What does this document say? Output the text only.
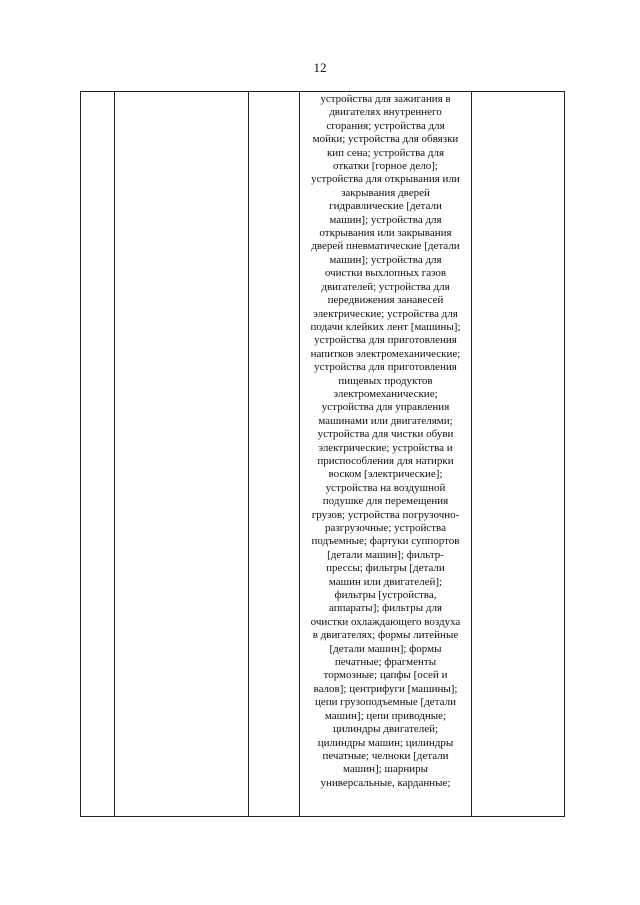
12

устройства для зажигания в
двигателях внутреннего
сгорания; устройства для
мойки; устройства для обвязки
кип сена; устройства для
откатки [горное дело];
устройства для открывания или
закрывания дверей
гидравлические [детали
машин]; устройства для
открывания или закрывания
дверей пневматические [детали
машин]; устройства для
очистки выхлопных газов
двигателей; устройства для
передвижения занавесей
электрические; устройства для
подачи клейких лент [машины];
устройства для приготовления
напитков электромеханические;
устройства для приготовления
пищевых продуктов
электромеханические;
устройства для управления
машинами или двигателями;
устройства для чистки обуви
электрические; устройства и
приспособления для натирки
воском [электрические];
устройства на воздушной
подушке для перемещения
грузов; устройства погрузочно-
разгрузочные; устройства
подъемные; фартуки суппортов
[детали машин]; фильтр-
прессы; фильтры [детали
машин или двигателей];
фильтры [устройства,
аппараты]; фильтры для
очистки охлаждающего воздуха
в двигателях; формы литейные
[детали машин]; формы
печатные; фрагменты
тормозные; цапфы [осей и
валов]; центрифуги [машины];
цепи грузоподъемные [детали
машин]; цепи приводные;
цилиндры двигателей;
цилиндры машин; цилиндры
печатные; челноки [детали
машин]; шарниры
универсальные, карданные;
